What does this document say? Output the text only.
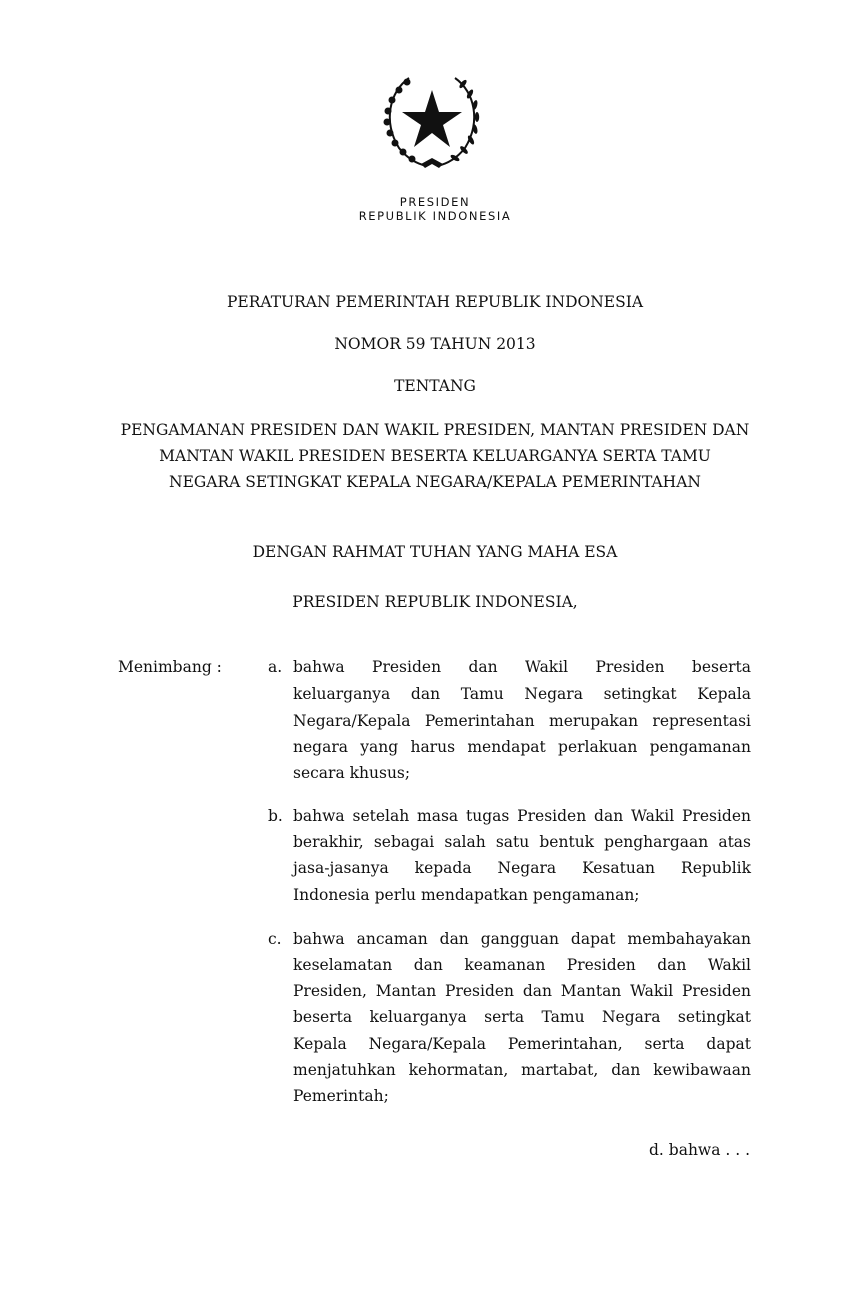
PRESIDEN
REPUBLIK INDONESIA
PERATURAN PEMERINTAH REPUBLIK INDONESIA
NOMOR 59 TAHUN 2013
TENTANG
PENGAMANAN PRESIDEN DAN WAKIL PRESIDEN, MANTAN PRESIDEN DAN
MANTAN WAKIL PRESIDEN BESERTA KELUARGANYA SERTA TAMU
NEGARA SETINGKAT KEPALA NEGARA/KEPALA PEMERINTAHAN
DENGAN RAHMAT TUHAN YANG MAHA ESA
PRESIDEN REPUBLIK INDONESIA,
Menimbang :	a. bahwa Presiden dan Wakil Presiden beserta
keluarganya dan Tamu Negara setingkat Kepala
Negara/Kepala Pemerintahan merupakan representasi
negara yang harus mendapat perlakuan pengamanan
secara khusus;
b. bahwa setelah masa tugas Presiden dan Wakil Presiden
berakhir, sebagai salah satu bentuk penghargaan atas
jasa-jasanya kepada Negara Kesatuan Republik
Indonesia perlu mendapatkan pengamanan;
c. bahwa ancaman dan gangguan dapat membahayakan
keselamatan dan keamanan Presiden dan Wakil
Presiden, Mantan Presiden dan Mantan Wakil Presiden
beserta keluarganya serta Tamu Negara setingkat
Kepala Negara/Kepala Pemerintahan, serta dapat
menjatuhkan kehormatan, martabat, dan kewibawaan
Pemerintah;
d. bahwa . . .
